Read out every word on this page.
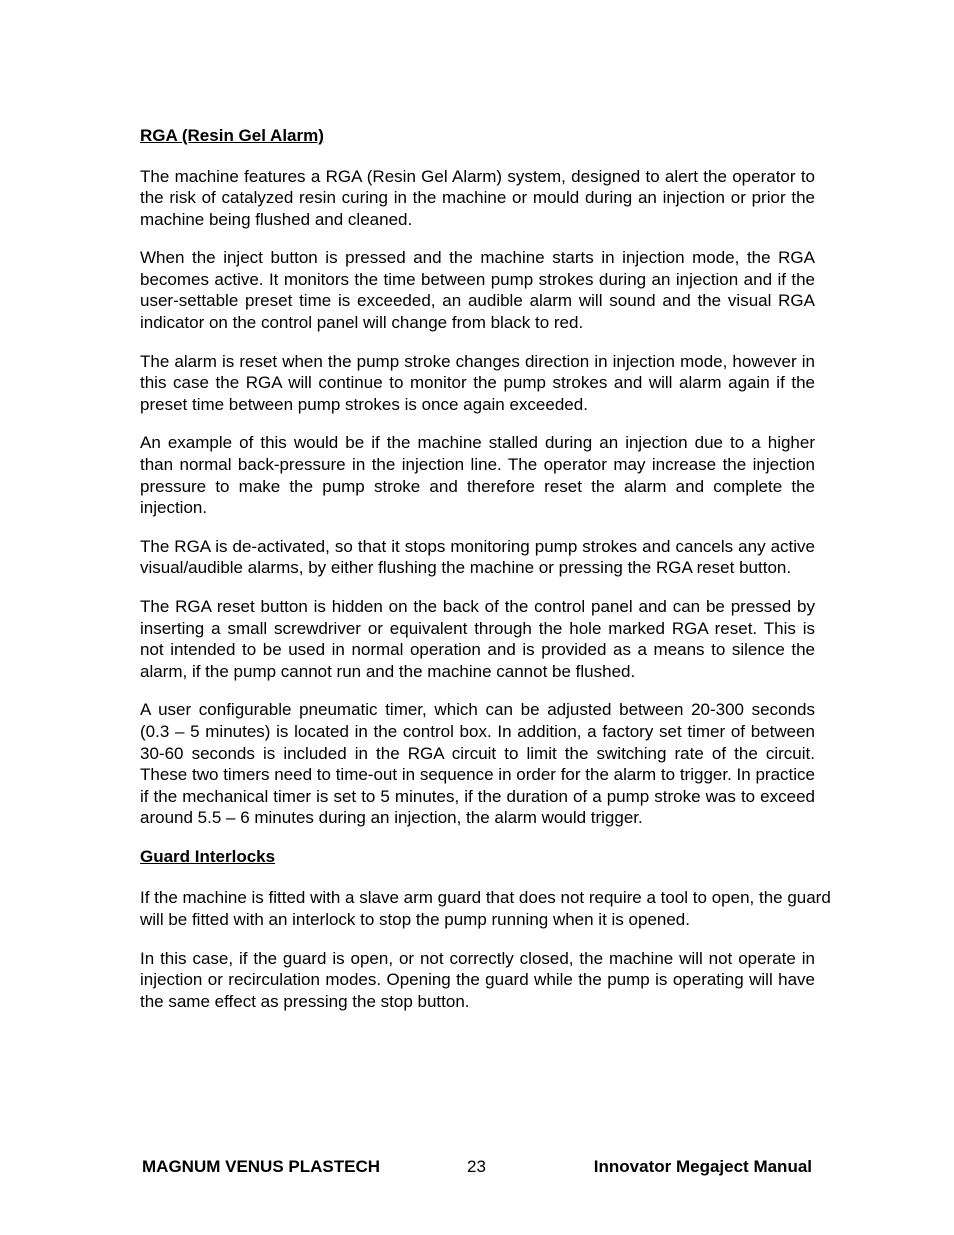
RGA (Resin Gel Alarm)

The machine features a RGA (Resin Gel Alarm) system, designed to alert the operator to the risk of catalyzed resin curing in the machine or mould during an injection or prior the machine being flushed and cleaned.

When the inject button is pressed and the machine starts in injection mode, the RGA becomes active. It monitors the time between pump strokes during an injection and if the user-settable preset time is exceeded, an audible alarm will sound and the visual RGA indicator on the control panel will change from black to red.

The alarm is reset when the pump stroke changes direction in injection mode, however in this case the RGA will continue to monitor the pump strokes and will alarm again if the preset time between pump strokes is once again exceeded.

An example of this would be if the machine stalled during an injection due to a higher than normal back-pressure in the injection line. The operator may increase the injection pressure to make the pump stroke and therefore reset the alarm and complete the injection.

The RGA is de-activated, so that it stops monitoring pump strokes and cancels any active visual/audible alarms, by either flushing the machine or pressing the RGA reset button.

The RGA reset button is hidden on the back of the control panel and can be pressed by inserting a small screwdriver or equivalent through the hole marked RGA reset. This is not intended to be used in normal operation and is provided as a means to silence the alarm, if the pump cannot run and the machine cannot be flushed.

A user configurable pneumatic timer, which can be adjusted between 20-300 seconds (0.3 – 5 minutes) is located in the control box. In addition, a factory set timer of between 30-60 seconds is included in the RGA circuit to limit the switching rate of the circuit. These two timers need to time-out in sequence in order for the alarm to trigger. In practice if the mechanical timer is set to 5 minutes, if the duration of a pump stroke was to exceed around 5.5 – 6 minutes during an injection, the alarm would trigger.

Guard Interlocks

If the machine is fitted with a slave arm guard that does not require a tool to open, the guard will be fitted with an interlock to stop the pump running when it is opened.

In this case, if the guard is open, or not correctly closed, the machine will not operate in injection or recirculation modes. Opening the guard while the pump is operating will have the same effect as pressing the stop button.

MAGNUM VENUS PLASTECH	23	Innovator Megaject Manual
